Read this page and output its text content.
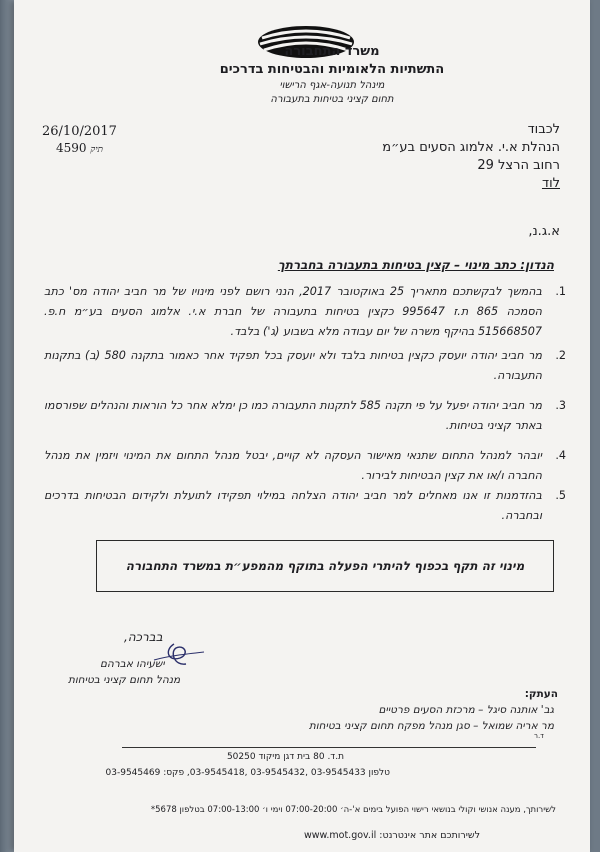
משרד התחבורה
התשתיות הלאומיות והבטיחות בדרכים
מינהל תנועה-אגף הרישוי
תחום קציני בטיחות בתעבורה
26/10/2017
4590 תיק
לכבוד
הנהלת א.י. אלמוג הסעים בע״מ
רחוב הרצל 29
לוד
א.ג.נ,
הנדון: כתב מינוי – קצין בטיחות בתעבורה בחברתך
1.
בהמשך לבקשתכם מתאריך 25 באוקטובר 2017, הנני רושם לפני מינויו של מר חביב יהודה מס' כתב הסמכה 865 ת.ז 995647 כקצין בטיחות בתעבורה של חברת א.י. אלמוג הסעים בע״מ ח.פ. 515668507 בהיקף משרה של יום עבודה מלא בשבוע (ג') בלבד.
2.
מר חביב יהודה יועסק כקצין בטיחות בלבד ולא יועסק בכל תפקיד אחר כאמור בתקנה 580 (ב) בתקנות התעבורה.
3.
מר חביב יהודה יפעל על פי תקנה 585 לתקנות התעבורה כמו כן ימלא אחר כל הוראות והנהלים שפורסמו באתר קציני בטיחות.
4.
יובהר למנהל התחום שתנאי מאישור העסקה לא קויים, יבטל מנהל התחום את המינוי ויזמין את מנהל החברה ו/או את קצין הבטיחות לבירור.
5.
בהזדמנות זו אנו מאחלים למר חביב יהודה הצלחה במילוי תפקידו לתועלת ולקידום הבטיחות בדרכים ובחברה.
מינוי זה תקף בכפוף להיתרי הפעלה בתוקף מהמפע״ת במשרד התחבורה
בברכה,
ישעיהו אברהם
מנהל תחום קציני בטיחות
העתק:
גב' אותנה סיגל – מרכזת הסעים פרטיים
מר אריה שמואל – סגן מנהל מפקח תחום קציני בטיחות
ד.ר
ת.ד. 80 בית דגן מיקוד 50250
טלפון 03-9545433 ,03-9545432 ,03-9545418, פקס: 03-9545469
לשירותך, מענה אנושי וקולי בנושאי רישוי הפועל בימים א'-ה׳ 07:00-20:00 וימי ו׳ 07:00-13:00 בטלפון 5678*
לשירותכם אתר אינטרנט: www.mot.gov.il
